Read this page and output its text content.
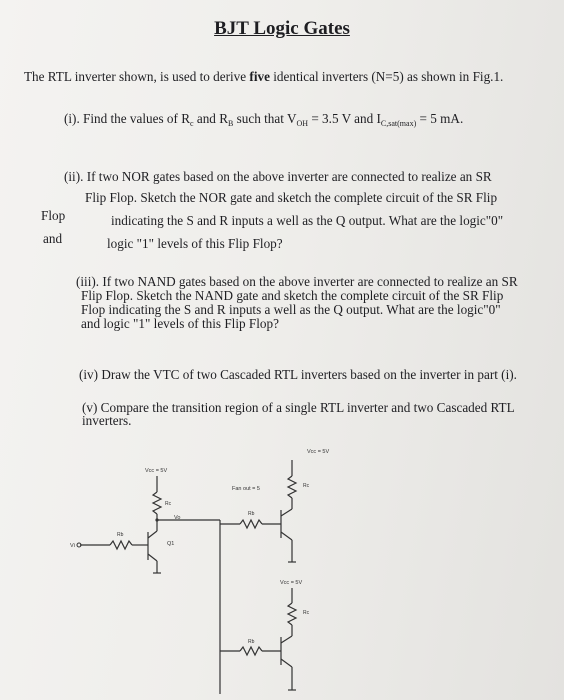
BJT Logic Gates
The RTL inverter shown, is used to derive five identical inverters (N=5) as shown in Fig.1.
(i). Find the values of $R_c$ and $R_B$ such that $V_{OH} = 3.5$ V and $I_{C,sat(max)} = 5$ mA.
(ii). If two NOR gates based on the above inverter are connected to realize an SR
Flip Flop. Sketch the NOR gate and sketch the complete circuit of the SR Flip
Flop	indicating the S and R inputs a well as the Q output. What are the logic"0"
and	logic "1" levels of this Flip Flop?
(iii). If two NAND gates based on the above inverter are connected to realize an SR
Flip Flop. Sketch the NAND gate and sketch the complete circuit of the SR Flip
Flop indicating the S and R inputs a well as the Q output. What are the logic"0"
and logic "1" levels of this Flip Flop?
(iv) Draw the VTC of two Cascaded RTL inverters based on the inverter in part (i).
(v) Compare the transition region of a single RTL inverter and two Cascaded RTL
inverters.
Vcc = 5V
Rc
Vo
Rb
Vi	Q1
Fan out = 5
Rb
Rb
Vcc = 5V
Rc
Vcc = 5V
Rc
